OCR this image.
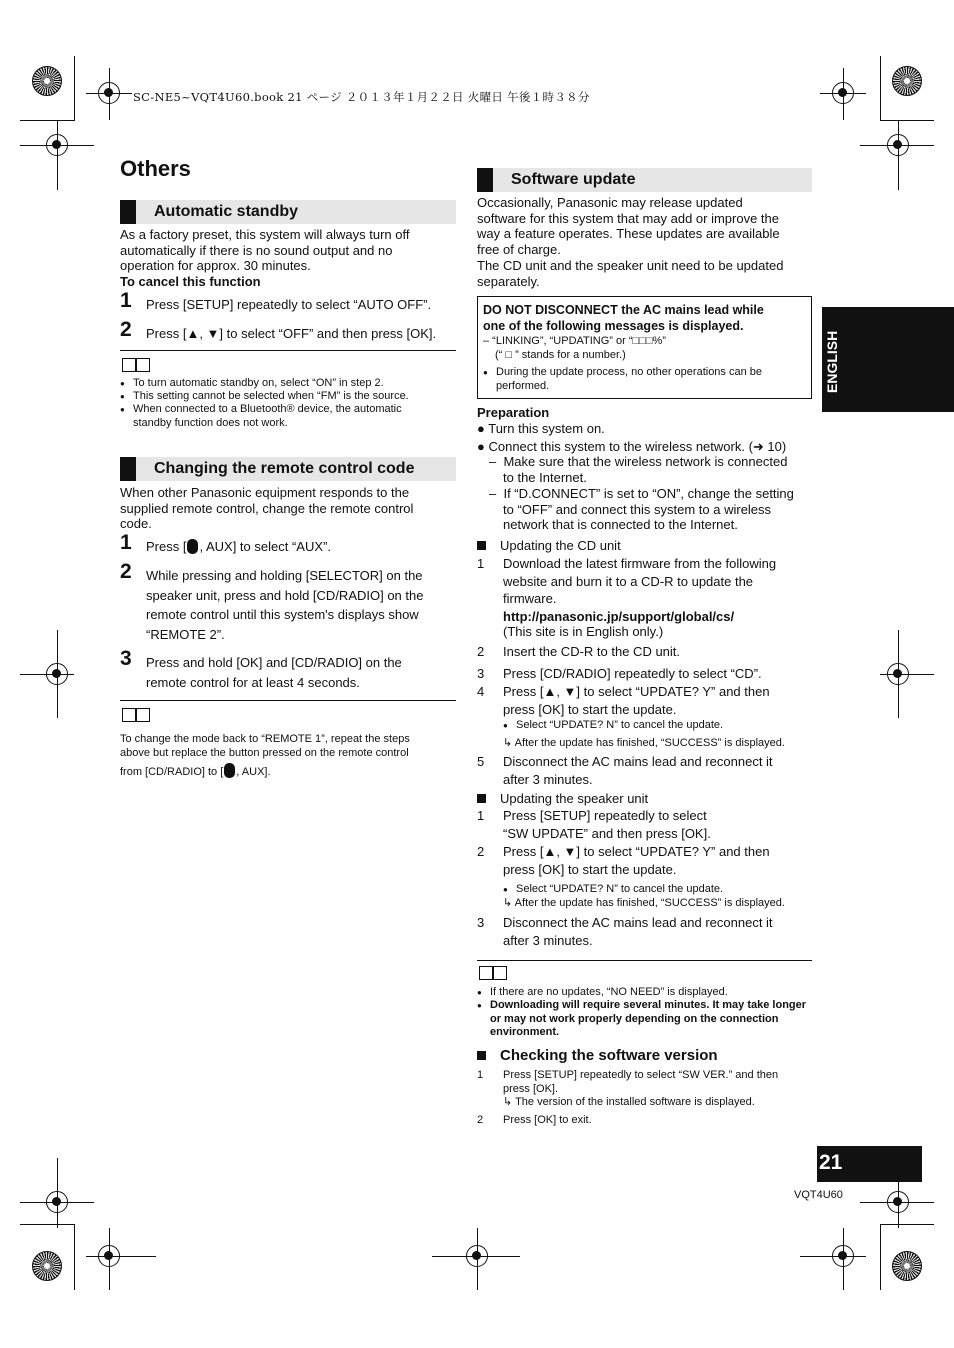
SC-NE5~VQT4U60.book 21 ページ ２０１３年１月２２日 火曜日 午後１時３８分
ENGLISH
21
VQT4U60
Others
Automatic standby
As a factory preset, this system will always turn off
automatically if there is no sound output and no
operation for approx. 30 minutes.
To cancel this function
1 Press [SETUP] repeatedly to select “AUTO OFF”.
2 Press [▲, ▼] to select “OFF” and then press [OK].
● To turn automatic standby on, select “ON” in step 2.
● This setting cannot be selected when “FM” is the source.
● When connected to a Bluetooth® device, the automatic standby function does not work.
Changing the remote control code
When other Panasonic equipment responds to the
supplied remote control, change the remote control
code.
1 Press [ , AUX] to select “AUX”.
2 While pressing and holding [SELECTOR] on the
speaker unit, press and hold [CD/RADIO] on the
remote control until this system's displays show
“REMOTE 2”.
3 Press and hold [OK] and [CD/RADIO] on the
remote control for at least 4 seconds.
To change the mode back to “REMOTE 1”, repeat the steps
above but replace the button pressed on the remote control
from [CD/RADIO] to [ , AUX].
Software update
Occasionally, Panasonic may release updated
software for this system that may add or improve the
way a feature operates. These updates are available
free of charge.
The CD unit and the speaker unit need to be updated
separately.
DO NOT DISCONNECT the AC mains lead while
one of the following messages is displayed.
– “LINKING”, “UPDATING” or “□□□%”
(“ □ ” stands for a number.)
● During the update process, no other operations can be performed.
Preparation
● Turn this system on.
● Connect this system to the wireless network. (➜ 10)
–  Make sure that the wireless network is connected
to the Internet.
–  If “D.CONNECT” is set to “ON”, change the setting
to “OFF” and connect this system to a wireless
network that is connected to the Internet.
Updating the CD unit
1 Download the latest firmware from the following
website and burn it to a CD-R to update the
firmware.
http://panasonic.jp/support/global/cs/
(This site is in English only.)
2 Insert the CD-R to the CD unit.
3 Press [CD/RADIO] repeatedly to select “CD”.
4 Press [▲, ▼] to select “UPDATE? Y” and then
press [OK] to start the update.
● Select “UPDATE? N” to cancel the update.
↳ After the update has finished, “SUCCESS” is displayed.
5 Disconnect the AC mains lead and reconnect it
after 3 minutes.
Updating the speaker unit
1 Press [SETUP] repeatedly to select
“SW UPDATE” and then press [OK].
2 Press [▲, ▼] to select “UPDATE? Y” and then
press [OK] to start the update.
● Select “UPDATE? N” to cancel the update.
↳ After the update has finished, “SUCCESS” is displayed.
3 Disconnect the AC mains lead and reconnect it
after 3 minutes.
● If there are no updates, “NO NEED” is displayed.
● Downloading will require several minutes. It may take longer or may not work properly depending on the connection environment.
Checking the software version
1 Press [SETUP] repeatedly to select “SW VER.” and then
press [OK].
↳ The version of the installed software is displayed.
2 Press [OK] to exit.
